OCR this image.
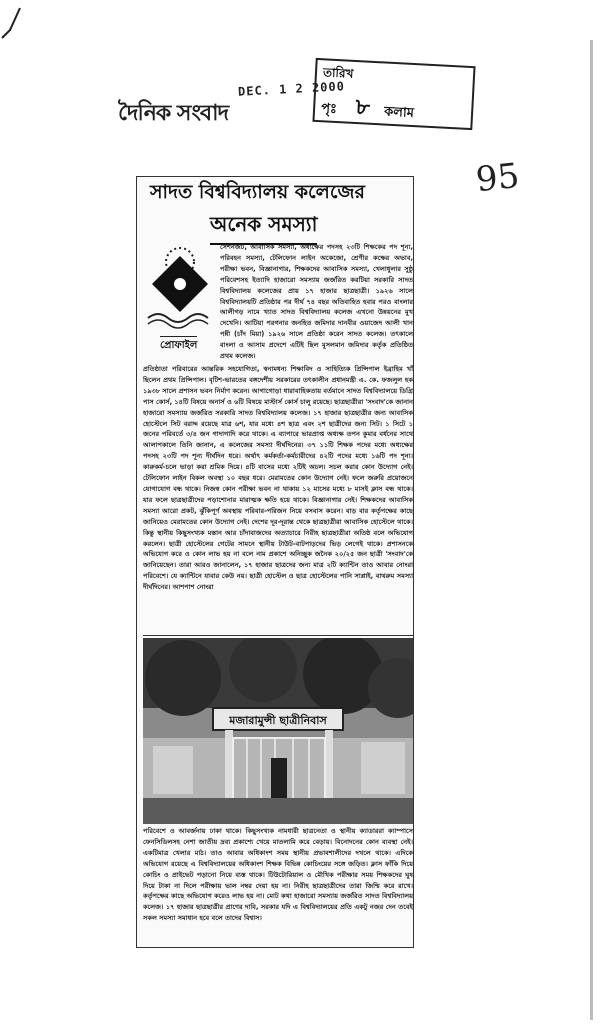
DEC. 1 2 2000
তারিখ
পৃঃ ৮ কলাম
দৈনিক সংবাদ
95
সাদত বিশ্ববিদ্যালয় কলেজের
অনেক সমস্যা
প্রোফাইল
সেশনজট, আবাসিক সমস্যা, অধ্যক্ষের পদসহ ২৩টি শিক্ষকের পদ শূন্য, পরিবহন সমস্যা, টেলিফোন লাইন অকেজো, শ্রেণীর কক্ষের অভাব, পরীক্ষা ভবন, বিজ্ঞানাগার, শিক্ষকদের আবাসিক সমস্যা, খেলাধুলার সুষ্ঠু পরিবেশসহ ইত্যাদি হাজারো সমস্যায় জর্জরিত করটিয়া সরকারি সাদত বিশ্ববিদ্যালয় কলেজের প্রায় ১৭ হাজার ছাত্রছাত্রী। ১৯২৬ সালে বিশ্ববিদ্যালয়টি প্রতিষ্ঠার পর দীর্ঘ ৭৪ বছর অতিবাহিত হবার পরও বাংলার আলীগড় নামে খ্যাত সাদত বিশ্ববিদ্যালয় কলেজ এখনো উন্নয়নের মুখ দেখেনি। আটিয়া পরগনার জনহিত জমিদার দানবীর ওয়াজেদ আলী খান পন্নী (চাঁদ মিয়া) ১৯২৬ সালে প্রতিষ্ঠা করেন সাদত কলেজ। তৎকালে বাংলা ও আসাম প্রদেশে এটিই ছিল মুসলমান জমিদার কর্তৃক প্রতিষ্ঠিত প্রথম কলেজ।
প্রতিষ্ঠাতা পরিবারের আন্তরিক সহযোগিতা, স্বনামধন্য শিক্ষাবিদ ও সাহিত্যিক প্রিন্সিপাল ইব্রাহিম খাঁ ছিলেন প্রথম প্রিন্সিপাল। বৃটিশ-ভারতের বঙ্গদেশীয় সরকারের তৎকালীন প্রধানমন্ত্রী এ. কে. ফজলুল হক ১৯৩৮ সালে প্রশাসন ভবন নির্মাণ করেন। আগাগোড়া ধারাবাহিকতায় বর্তমানে সাদত বিশ্ববিদ্যালয়ে ডিগ্রি পাস কোর্স, ১৪টি বিষয়ে অনার্স ও ৬টি বিষয়ে মাস্টার্স কোর্স চালু রয়েছে। ছাত্রছাত্রীরা 'সংবাদ'কে জানান হাজারো সমস্যায় জর্জরিত সরকারি সাদত বিশ্ববিদ্যালয় কলেজ। ১৭ হাজার ছাত্রছাত্রীর জন্য আবাসিক হোস্টেলে সিট বরাদ্দ রয়েছে মাত্র ৬শ, যার মধ্যে ৪শ ছাত্র এবং ২শ ছাত্রীদের জন্য সিট। ১ সিটে ১ জনের পরিবর্তে ৩/৪ জন গাদাগাদি করে থাকে। এ ব্যাপারে ভারপ্রাপ্ত অধ্যক্ষ তপন কুমার বর্ধনের সাথে আলাপকালে তিনি জানান, এ কলেজের সমস্যা দীর্ঘদিনের। ৩৭ ১১টি শিক্ষক পদের মধ্যে অধ্যক্ষের পদসহ ২৩টি পদ শূন্য দীর্ঘদিন ধরে। অর্থাৎ কর্মকর্তা-কর্মচারীদের ৪২টি পদের মধ্যে ১৬টি পদ শূন্য। কারুকর্ম-চলে ভাড়া করা শ্রমিক দিয়ে। ৪টি বাসের মধ্যে ২টিই অচল। সচল করার কোন উদ্যোগ নেই। টেলিফোন লাইন বিকল অবস্থা ১০ বছর ধরে। মেরামতের কোন উদ্যোগ নেই। ফলে জরুরি প্রয়োজনে যোগাযোগ বন্ধ থাকে। নিজস্ব কোন পরীক্ষা ভবন না থাকায় ১২ মাসের মধ্যে ৮ মাসই ক্লাস বন্ধ থাকে। যার ফলে ছাত্রছাত্রীদের পড়াশোনার মারাত্মক ক্ষতি হয়ে থাকে। বিজ্ঞানাগার নেই। শিক্ষকদের আবাসিক সমস্যা আরো প্রকট, ঝুঁকিপূর্ণ অবস্থায় পরিবার-পরিজন নিয়ে বসবাস করেন। বাড় বার কর্তৃপক্ষের কাছে জানিয়েও মেরামতের কোন উদ্যোগ নেই। দেশের দূর-দূরান্ত থেকে ছাত্রছাত্রীরা আবাসিক হোস্টেলে থাকে। কিন্তু স্থানীয় কিছুসংখ্যক মস্তান আর চাঁদাবাজদের অত্যাচারে নিরীহ ছাত্রছাত্রীরা অতিষ্ঠ বলে অভিযোগ করলেন। ছাত্রী হোস্টেলের গেটের সামনে স্থানীয় টাউট-বাটপাড়দের ভিড় লেগেই থাকে। প্রশাসনকে অভিযোগ করে ও কোন লাভ হয় না বলে নাম প্রকাশে অনিচ্ছুক জনৈক ২০/২৫ জন ছাত্রী 'সংবাদ'কে জানিয়েছেন। তারা আরও জানালেন, ১৭ হাজার ছাত্রদের জন্য মাত্র ২টি ক্যান্টিন তাও আবার নোংরা পরিবেশে। যে ক্যান্টিনে যাবার কেউ নয়। ছাত্রী হোস্টেল ও ছাত্র হোস্টেলের পানি সাপ্লাই, বাথরুম সমস্যা দীর্ঘদিনের। আশপাশ নোংরা
মজারামুন্সী ছাত্রীনিবাস
পরিবেশে ও আবর্জনায় ঢাকা থাকে। কিছুসংখ্যক নামধারী ছাত্রনেতা ও স্থানীয় ক্যাডাররা ক্যাম্পাসে ফেনসিডিলসহ নেশা জাতীয় দ্রব্য প্রকাশ্যে খেয়ে মাতলামি করে বেড়ায়। বিনোদনের কোন ব্যবস্থা নেই। একটিমাত্র খেলার মাঠ। তাও আবার অধিকাংশ সময় স্থানীয় প্রভাবশালীদের দখলে থাকে। এদিকে অভিযোগ রয়েছে এ বিশ্ববিদ্যালয়ের অধিকাংশ শিক্ষক বিভিন্ন কোচিংয়ের সঙ্গে জড়িত। ক্লাস ফাঁকি দিয়ে কোচিং ও প্রাইভেট পড়ানো নিয়ে ব্যস্ত থাকে। টিউটোরিয়াল ও মৌখিক পরীক্ষার সময় শিক্ষকদের ঘুষ দিয়ে টাকা না দিলে পরীক্ষায় ভাল নম্বর দেয়া হয় না। নিরীহ ছাত্রছাত্রীদের তারা জিম্মি করে রাখে। কর্তৃপক্ষের কাছে অভিযোগ করেও লাভ হয় না। মোট কথা হাজারো সমস্যায় জর্জরিত সাদত বিশ্ববিদ্যালয় কলেজ। ১৭ হাজার ছাত্রছাত্রীর প্রাণের দাবি, সরকার যদি এ বিশ্ববিদ্যালয়ের প্রতি একটু নজর দেন তবেই সকল সমস্যা সমাধান হবে বলে তাদের বিশ্বাস।
